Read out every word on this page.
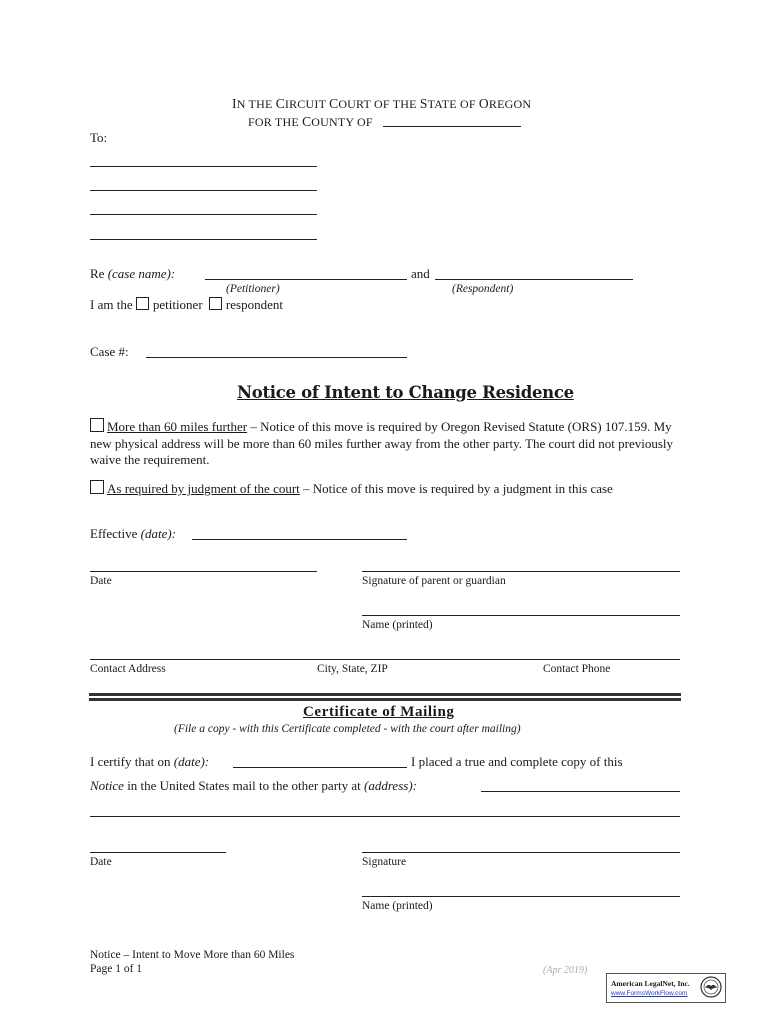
IN THE CIRCUIT COURT OF THE STATE OF OREGON
FOR THE COUNTY OF
To:
Re (case name):	and
(Petitioner)	(Respondent)
I am the petitioner respondent
Case #:
Notice of Intent to Change Residence
More than 60 miles further – Notice of this move is required by Oregon Revised Statute (ORS) 107.159. My new physical address will be more than 60 miles further away from the other party. The court did not previously waive the requirement.
As required by judgment of the court – Notice of this move is required by a judgment in this case
Effective (date):
Date	Signature of parent or guardian
Name (printed)
Contact Address	City, State, ZIP	Contact Phone
Certificate of Mailing
(File a copy - with this Certificate completed - with the court after mailing)
I certify that on (date):	I placed a true and complete copy of this
Notice in the United States mail to the other party at (address):
Date	Signature
Name (printed)
Notice – Intent to Move More than 60 Miles
Page 1 of 1	(Apr 2019)
American LegalNet, Inc.
www.FormsWorkFlow.com
